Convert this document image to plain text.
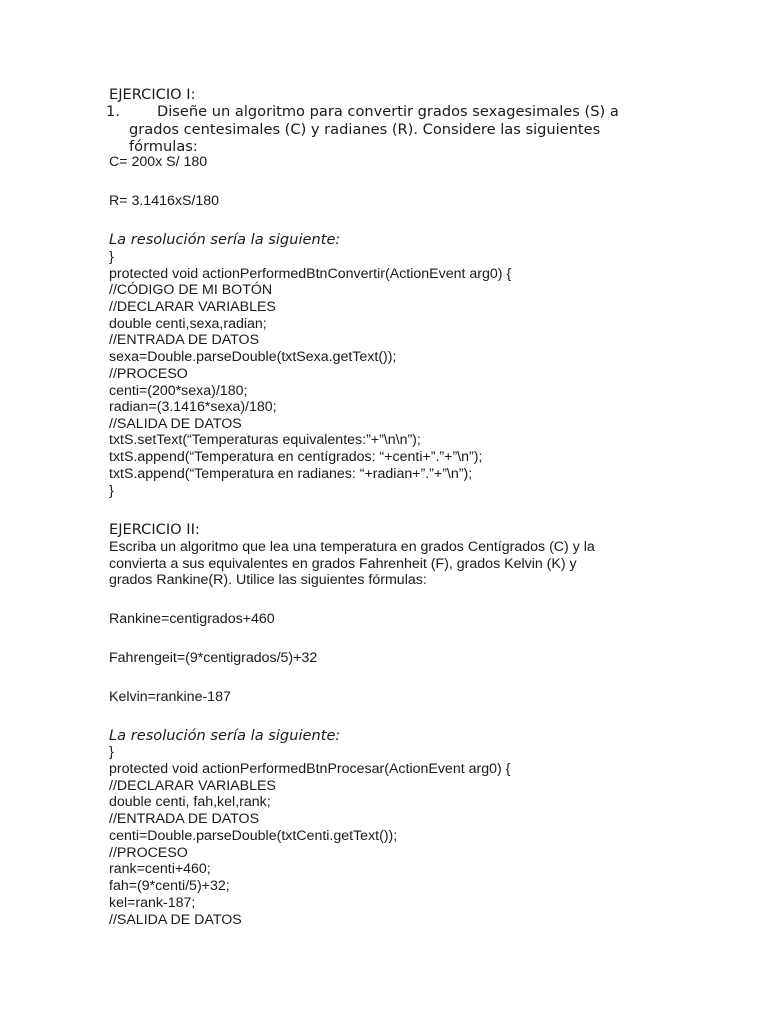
EJERCICIO I:
1.	Diseñe un algoritmo para convertir grados sexagesimales (S) a
grados centesimales (C) y radianes (R). Considere las siguientes
fórmulas:
C= 200x S/ 180
R= 3.1416xS/180
La resolución sería la siguiente:
}
protected void actionPerformedBtnConvertir(ActionEvent arg0) {
//CÓDIGO DE MI BOTÓN
//DECLARAR VARIABLES
double centi,sexa,radian;
//ENTRADA DE DATOS
sexa=Double.parseDouble(txtSexa.getText());
//PROCESO
centi=(200*sexa)/180;
radian=(3.1416*sexa)/180;
//SALIDA DE DATOS
txtS.setText(“Temperaturas equivalentes:”+”\n\n”);
txtS.append(“Temperatura en centígrados: “+centi+”.”+”\n”);
txtS.append(“Temperatura en radianes: “+radian+”.”+”\n”);
}
EJERCICIO II:
Escriba un algoritmo que lea una temperatura en grados Centígrados (C) y la
convierta a sus equivalentes en grados Fahrenheit (F), grados Kelvin (K) y
grados Rankine(R). Utilice las siguientes fórmulas:
Rankine=centigrados+460
Fahrengeit=(9*centigrados/5)+32
Kelvin=rankine-187
La resolución sería la siguiente:
}
protected void actionPerformedBtnProcesar(ActionEvent arg0) {
//DECLARAR VARIABLES
double centi, fah,kel,rank;
//ENTRADA DE DATOS
centi=Double.parseDouble(txtCenti.getText());
//PROCESO
rank=centi+460;
fah=(9*centi/5)+32;
kel=rank-187;
//SALIDA DE DATOS
